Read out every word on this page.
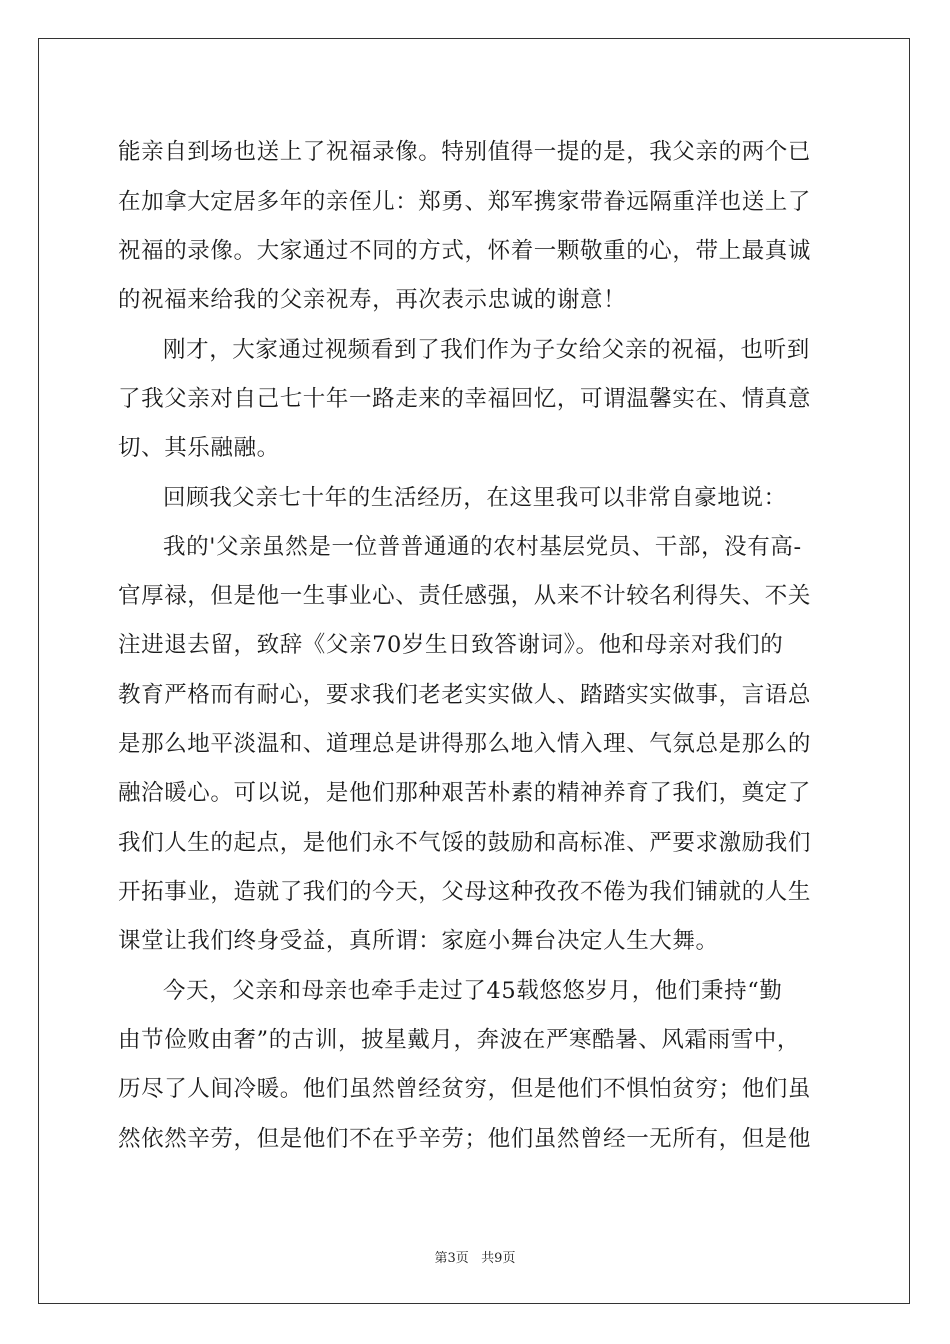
能亲自到场也送上了祝福录像。特别值得一提的是，我父亲的两个已
在加拿大定居多年的亲侄儿：郑勇、郑军携家带眷远隔重洋也送上了
祝福的录像。大家通过不同的方式，怀着一颗敬重的心，带上最真诚
的祝福来给我的父亲祝寿，再次表示忠诚的谢意！
刚才，大家通过视频看到了我们作为子女给父亲的祝福，也听到
了我父亲对自己七十年一路走来的幸福回忆，可谓温馨实在、情真意
切、其乐融融。
回顾我父亲七十年的生活经历，在这里我可以非常自豪地说：
我的'父亲虽然是一位普普通通的农村基层党员、干部，没有高-
官厚禄，但是他一生事业心、责任感强，从来不计较名利得失、不关
注进退去留，致辞《父亲70岁生日致答谢词》。他和母亲对我们的
教育严格而有耐心，要求我们老老实实做人、踏踏实实做事，言语总
是那么地平淡温和、道理总是讲得那么地入情入理、气氛总是那么的
融洽暖心。可以说，是他们那种艰苦朴素的精神养育了我们，奠定了
我们人生的起点，是他们永不气馁的鼓励和高标准、严要求激励我们
开拓事业，造就了我们的今天，父母这种孜孜不倦为我们铺就的人生
课堂让我们终身受益，真所谓：家庭小舞台决定人生大舞。
今天，父亲和母亲也牵手走过了45载悠悠岁月，他们秉持“勤
由节俭败由奢”的古训，披星戴月，奔波在严寒酷暑、风霜雨雪中，
历尽了人间冷暖。他们虽然曾经贫穷，但是他们不惧怕贫穷；他们虽
然依然辛劳，但是他们不在乎辛劳；他们虽然曾经一无所有，但是他
第3页   共9页
